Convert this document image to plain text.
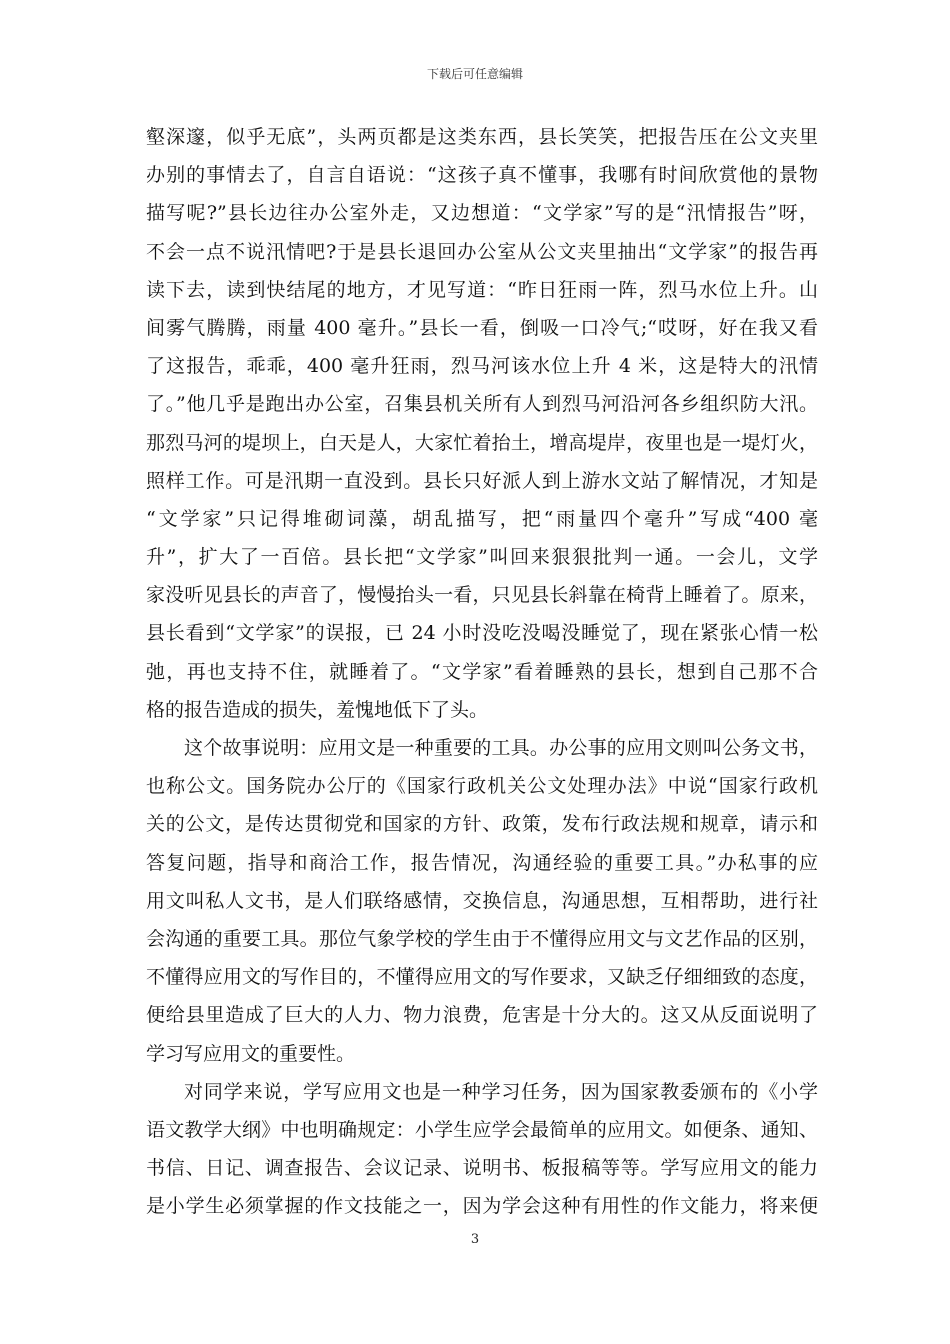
下载后可任意编辑
壑深邃，似乎无底”，头两页都是这类东西，县长笑笑，把报告压在公文夹里
办别的事情去了，自言自语说：“这孩子真不懂事，我哪有时间欣赏他的景物
描写呢?”县长边往办公室外走，又边想道：“文学家”写的是“汛情报告”呀，
不会一点不说汛情吧?于是县长退回办公室从公文夹里抽出“文学家”的报告再
读下去，读到快结尾的地方，才见写道：“昨日狂雨一阵，烈马水位上升。山
间雾气腾腾，雨量 400 毫升。”县长一看，倒吸一口冷气;“哎呀，好在我又看
了这报告，乖乖，400 毫升狂雨，烈马河该水位上升 4 米，这是特大的汛情
了。”他几乎是跑出办公室，召集县机关所有人到烈马河沿河各乡组织防大汛。
那烈马河的堤坝上，白天是人，大家忙着抬土，增高堤岸，夜里也是一堤灯火，
照样工作。可是汛期一直没到。县长只好派人到上游水文站了解情况，才知是
“文学家”只记得堆砌词藻，胡乱描写，把“雨量四个毫升”写成“400 毫
升”，扩大了一百倍。县长把“文学家”叫回来狠狠批判一通。一会儿，文学
家没听见县长的声音了，慢慢抬头一看，只见县长斜靠在椅背上睡着了。原来，
县长看到“文学家”的误报，已 24 小时没吃没喝没睡觉了，现在紧张心情一松
弛，再也支持不住，就睡着了。“文学家”看着睡熟的县长，想到自己那不合
格的报告造成的损失，羞愧地低下了头。
这个故事说明：应用文是一种重要的工具。办公事的应用文则叫公务文书，
也称公文。国务院办公厅的《国家行政机关公文处理办法》中说“国家行政机
关的公文，是传达贯彻党和国家的方针、政策，发布行政法规和规章，请示和
答复问题，指导和商洽工作，报告情况，沟通经验的重要工具。”办私事的应
用文叫私人文书，是人们联络感情，交换信息，沟通思想，互相帮助，进行社
会沟通的重要工具。那位气象学校的学生由于不懂得应用文与文艺作品的区别，
不懂得应用文的写作目的，不懂得应用文的写作要求，又缺乏仔细细致的态度，
便给县里造成了巨大的人力、物力浪费，危害是十分大的。这又从反面说明了
学习写应用文的重要性。
对同学来说，学写应用文也是一种学习任务，因为国家教委颁布的《小学
语文教学大纲》中也明确规定：小学生应学会最简单的应用文。如便条、通知、
书信、日记、调查报告、会议记录、说明书、板报稿等等。学写应用文的能力
是小学生必须掌握的作文技能之一，因为学会这种有用性的作文能力，将来便
3
